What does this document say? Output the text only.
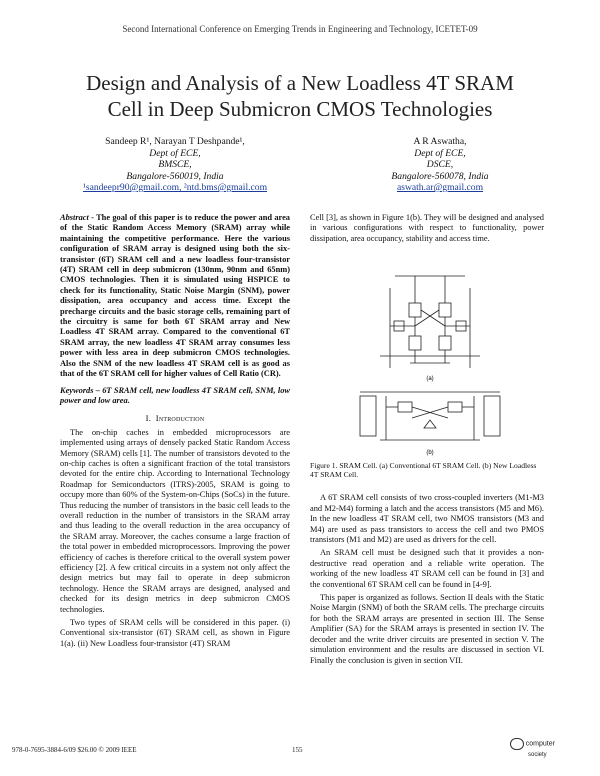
Second International Conference on Emerging Trends in Engineering and Technology, ICETET-09
Design and Analysis of a New Loadless 4T SRAM
Cell in Deep Submicron CMOS Technologies
Sandeep R¹, Narayan T Deshpande¹,
Dept of ECE,
BMSCE,
Bangalore-560019, India
¹sandeepr90@gmail.com, ²ntd.bms@gmail.com
A R Aswatha,
Dept of ECE,
DSCE,
Bangalore-560078, India
aswath.ar@gmail.com

Abstract - The goal of this paper is to reduce the power and area of the Static Random Access Memory (SRAM) array while maintaining the competitive performance. Here the various configuration of SRAM array is designed using both the six-transistor (6T) SRAM cell and a new loadless four-transistor (4T) SRAM cell in deep submicron (130nm, 90nm and 65nm) CMOS technologies. Then it is simulated using HSPICE to check for its functionality, Static Noise Margin (SNM), power dissipation, area occupancy and access time. Except the precharge circuits and the basic storage cells, remaining part of the circuitry is same for both 6T SRAM array and New Loadless 4T SRAM array. Compared to the conventional 6T SRAM array, the new loadless 4T SRAM array consumes less power with less area in deep submicron CMOS technologies. Also the SNM of the new loadless 4T SRAM cell is as good as that of the 6T SRAM cell for higher values of Cell Ratio (CR).

Keywords – 6T SRAM cell, new loadless 4T SRAM cell, SNM, low power and low area.

I. Introduction

The on-chip caches in embedded microprocessors are implemented using arrays of densely packed Static Random Access Memory (SRAM) cells [1]. The number of transistors devoted to the on-chip caches is often a significant fraction of the total transistors devoted for the entire chip. According to International Technology Roadmap for Semiconductors (ITRS)-2005, SRAM is going to occupy more than 60% of the System-on-Chips (SoCs) in the future. Thus reducing the number of transistors in the basic cell leads to the overall reduction in the number of transistors in the SRAM array and thus leading to the overall reduction in the area occupancy of the SRAM array. Moreover, the caches consume a large fraction of the total power in embedded microprocessors. Improving the power efficiency of caches is therefore critical to the overall system power efficiency [2]. A few critical circuits in a system not only affect the design metrics but may fail to operate in deep submicron technology. Hence the SRAM arrays are designed, analysed and checked for its design metrics in deep submicron CMOS technologies.

Two types of SRAM cells will be considered in this paper. (i) Conventional six-transistor (6T) SRAM cell, as shown in Figure 1(a). (ii) New Loadless four-transistor (4T) SRAM

Cell [3], as shown in Figure 1(b). They will be designed and analysed in various configurations with respect to functionality, power dissipation, area occupancy, stability and access time.

(a)
(b)
Figure 1. SRAM Cell. (a) Conventional 6T SRAM Cell. (b) New Loadless 4T SRAM Cell.

A 6T SRAM cell consists of two cross-coupled inverters (M1-M3 and M2-M4) forming a latch and the access transistors (M5 and M6). In the new loadless 4T SRAM cell, two NMOS transistors (M3 and M4) are used as pass transistors to access the cell and two PMOS transistors (M1 and M2) are used as drivers for the cell.

An SRAM cell must be designed such that it provides a non-destructive read operation and a reliable write operation. The working of the new loadless 4T SRAM cell can be found in [3] and the conventional 6T SRAM cell can be found in [4-9].

This paper is organized as follows. Section II deals with the Static Noise Margin (SNM) of both the SRAM cells. The precharge circuits for both the SRAM arrays are presented in section III. The Sense Amplifier (SA) for the SRAM arrays is presented in section IV. The decoder and the write driver circuits are presented in section V. The simulation environment and the results are discussed in section VI. Finally the conclusion is given in section VII.

978-0-7695-3884-6/09 $26.00 © 2009 IEEE	155
computer
society
